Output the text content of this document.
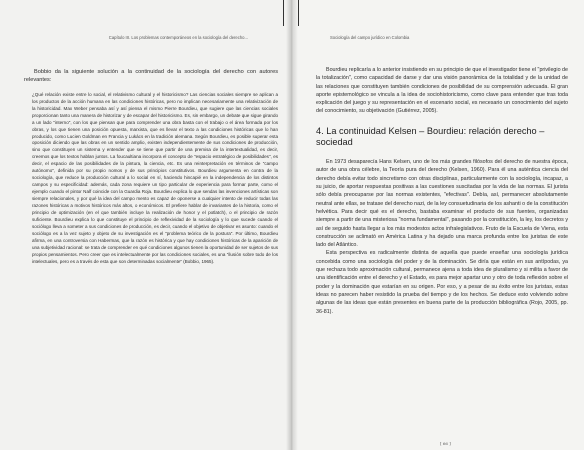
Capítulo III. Los problemas contemporáneos en la sociología del derecho...

Bobbio da la siguiente solución a la continuidad de la sociología del derecho con autores relevantes:

¿Qué relación existe entre lo social, el relativismo cultural y el historicismo? Las ciencias sociales siempre se aplican a los productos de la acción humana en las condiciones históricas, pero no implican necesariamente una relativización de la historicidad. Max Weber pensaba así y así piensa el mismo Pierre Bourdieu, que sugiere que las ciencias sociales proporcionan tanto una manera de historizar y de escapar del historicismo. Es, sin embargo, un debate que sigue girando a un lado "interno", con los que piensan que para comprender una obra basta con el trabajo o el área formada por los obras, y los que tienen una posición opuesta, marxista, que es llevar el texto a las condiciones históricas que lo han producido, como Lucien Goldman en Francia y Lukács en la tradición alemana. Según Bourdieu, es posible superar esta oposición diciendo que las obras en un sentido amplio, existen independientemente de sus condiciones de producción, sino que constituyen un sistema y entender que se tiene que partir de una premisa de la intertextualidad, es decir, creemos que los textos hablan juntos. La foucaultiana incorpora el concepto de "espacio estratégico de posibilidades", es decir, el espacio de las posibilidades de la pintura, la ciencia, etc. Es una reinterpretación en términos de "campo autónomo", definida por su propio nomos y de sus principios constitutivos. Bourdieu argumenta en contra de la sociología, que reduce la producción cultural a lo social en sí, haciendo hincapié en la independencia de los distintos campos y su especificidad: además, cada zona requiere un tipo particular de experiencia para formar parte, como el ejemplo cuando el pintor Nalf coincide con la Guardia Roja. Bourdieu explica lo que sendas las invenciones artísticas son siempre relacionales, y por qué la idea del campo mento es capaz de oponerse a cualquier intento de reducir todas las razones históricas a motivos históricos más altos, o económicos. El prefiere hablar de invariantes de la historia, como el principio de optimización (en el que también incluye la realización de honor y el potlatch), o el principio de razón suficiente. Bourdieu explica lo que constituye el principio de reflexividad de la sociología y lo que sucede cuando el sociólogo lleva a someter a sus condiciones de producción, es decir, cuando el objetivo de objetivar es asunto: cuando el sociólogo es a la vez sujeto y objeto de su investigación es el "problema teórico de la postura". Por último, Bourdieu afirma, en una controversia con Habermas, que la razón es histórica y que hay condiciones históricas de la aparición de una subjetividad racional: se trata de comprender en qué condiciones algunos tienen la oportunidad de ser sujetos de sus propios pensamientos. Pero creer que es intelectualmente por las condiciones sociales, es una "ilusión sobre todo de los intelectuales, pero es a través de esta que son determinadas socialmente" (Bobbio, 1965).

Sociología del campo jurídico en Colombia

Bourdieu replicaría a lo anterior insistiendo en su principio de que el investigador tiene el "privilegio de la totalización", como capacidad de darse y dar una visión panorámica de la totalidad y de la unidad de las relaciones que constituyen también condiciones de posibilidad de su comprensión adecuada. El gran aporte epistemológico se vincula a la idea de sociohistoricismo, como clave para entender que tras toda explicación del juego y su representación en el escenario social, es necesario un conocimiento del sujeto del conocimiento, su objetivación (Gutiérrez, 2005).

4. La continuidad Kelsen – Bourdieu: relación derecho – sociedad

En 1973 desaparecía Hans Kelsen, uno de los más grandes filósofos del derecho de nuestra época, autor de una obra célebre, la Teoría pura del derecho (Kelsen, 1960). Para él una auténtica ciencia del derecho debía evitar todo sincretismo con otras disciplinas, particularmente con la sociología, incapaz, a su juicio, de aportar respuestas positivas a las cuestiones suscitadas por la vida de las normas. El jurista sólo debía preocuparse por las normas existentes, "efectivas". Debía, así, permanecer absolutamente neutral ante ellas, se tratase del derecho nazi, de la ley consuetudinaria de los ashanti o de la constitución helvética. Para decir qué es el derecho, bastaba examinar el producto de sus fuentes, organizadas siempre a partir de una misteriosa "norma fundamental", pasando por la constitución, la ley, los decretos y así de seguido hasta llegar a los más modestos actos infralegislativos. Fruto de la Escuela de Viena, esta construcción se aclimató en América Latina y ha dejado una marca profunda entre los juristas de este lado del Atlántico.

Esta perspectiva es radicalmente distinta de aquella que puede enseñar una sociología jurídica concebida como una sociología del poder y de la dominación. Se diría que están en sus antípodas, ya que rechaza todo aproximación cultural, permanece ajena a toda idea de pluralismo y si milita a favor de una identificación entre el derecho y el Estado, es para mejor apartar uno y otro de toda reflexión sobre el poder y la dominación que estarían en su origen. Por eso, y a pesar de su éxito entre los juristas, estas ideas no parecen haber resistido la prueba del tiempo y de los hechos. Se deduce esto volviendo sobre algunas de las ideas que están presentes en buena parte de la producción bibliográfica (Rojo, 2005, pp. 36-81).

[ 66 ]
